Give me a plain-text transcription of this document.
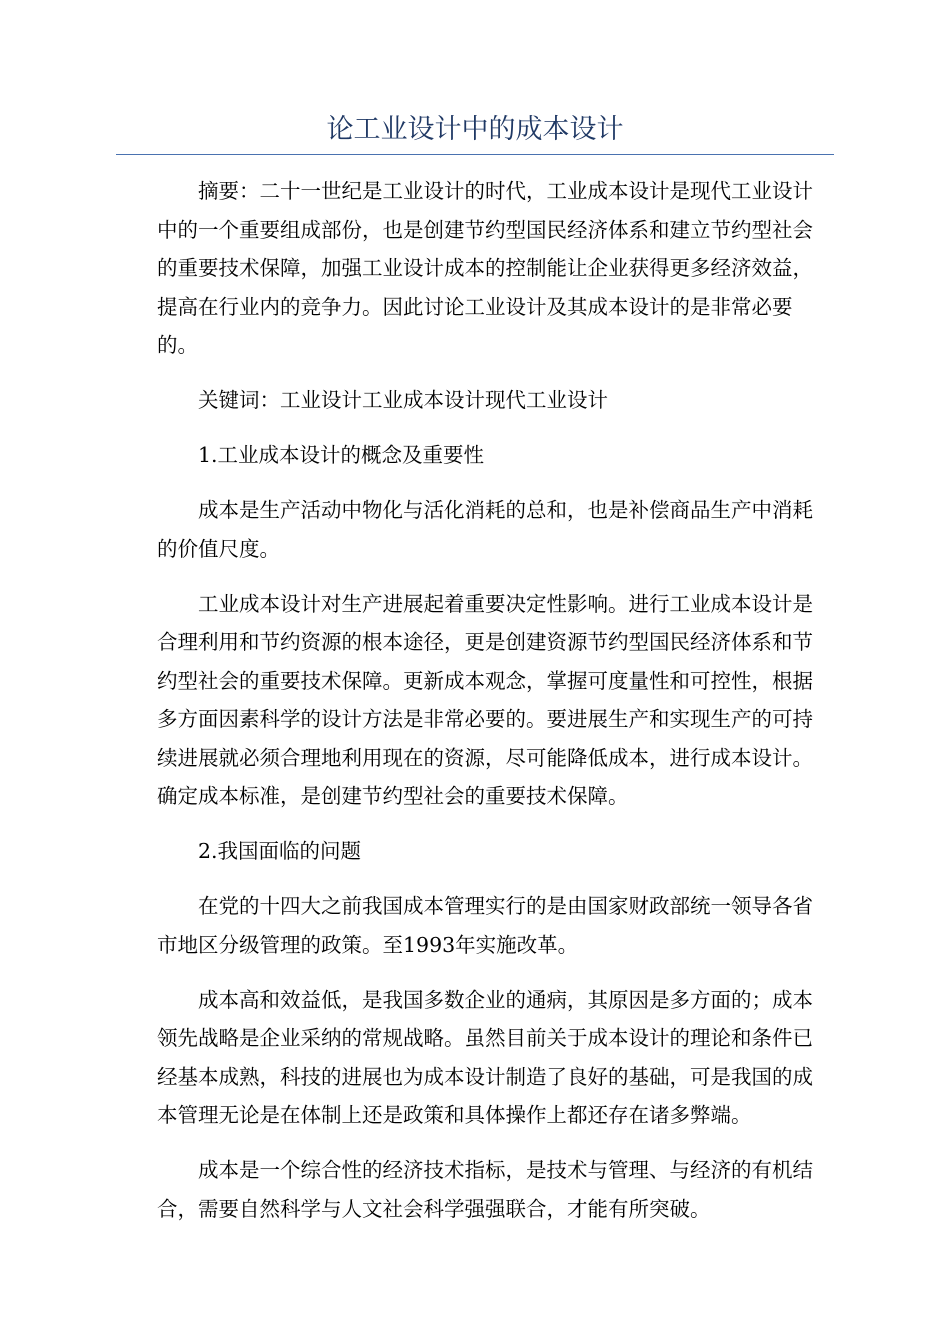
论工业设计中的成本设计
摘要：二十一世纪是工业设计的时代，工业成本设计是现代工业设计
中的一个重要组成部份，也是创建节约型国民经济体系和建立节约型社会
的重要技术保障，加强工业设计成本的控制能让企业获得更多经济效益，
提高在行业内的竞争力。因此讨论工业设计及其成本设计的是非常必要
的。
关键词：工业设计工业成本设计现代工业设计
1.工业成本设计的概念及重要性
成本是生产活动中物化与活化消耗的总和，也是补偿商品生产中消耗
的价值尺度。
工业成本设计对生产进展起着重要决定性影响。进行工业成本设计是
合理利用和节约资源的根本途径，更是创建资源节约型国民经济体系和节
约型社会的重要技术保障。更新成本观念，掌握可度量性和可控性，根据
多方面因素科学的设计方法是非常必要的。要进展生产和实现生产的可持
续进展就必须合理地利用现在的资源，尽可能降低成本，进行成本设计。
确定成本标准，是创建节约型社会的重要技术保障。
2.我国面临的问题
在党的十四大之前我国成本管理实行的是由国家财政部统一领导各省
市地区分级管理的政策。至1993年实施改革。
成本高和效益低，是我国多数企业的通病，其原因是多方面的；成本
领先战略是企业采纳的常规战略。虽然目前关于成本设计的理论和条件已
经基本成熟，科技的进展也为成本设计制造了良好的基础，可是我国的成
本管理无论是在体制上还是政策和具体操作上都还存在诸多弊端。
成本是一个综合性的经济技术指标，是技术与管理、与经济的有机结
合，需要自然科学与人文社会科学强强联合，才能有所突破。
